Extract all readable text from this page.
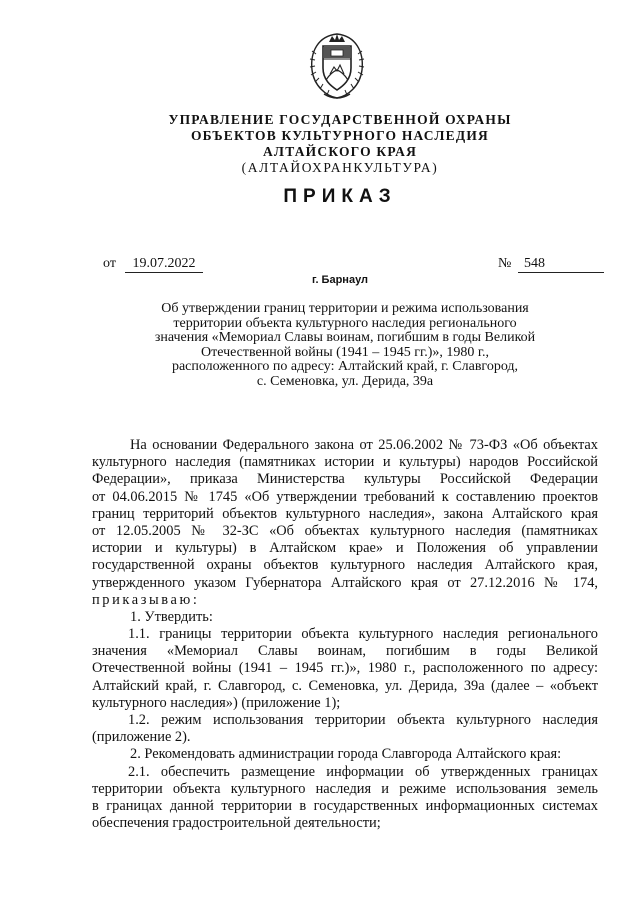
УПРАВЛЕНИЕ ГОСУДАРСТВЕННОЙ ОХРАНЫ
ОБЪЕКТОВ КУЛЬТУРНОГО НАСЛЕДИЯ
АЛТАЙСКОГО КРАЯ
(АЛТАЙОХРАНКУЛЬТУРА)
ПРИКАЗ
от	19.07.2022	№ 548
г. Барнаул
Об утверждении границ территории и режима использования
территории объекта культурного наследия регионального
значения «Мемориал Славы воинам, погибшим в годы Великой
Отечественной войны (1941 – 1945 гг.)», 1980 г.,
расположенного по адресу: Алтайский край, г. Славгород,
с. Семеновка, ул. Дерида, 39а
На основании Федерального закона от 25.06.2002 № 73-ФЗ «Об объектах
культурного наследия (памятниках истории и культуры) народов Российской
Федерации», приказа Министерства культуры Российской Федерации
от 04.06.2015 № 1745 «Об утверждении требований к составлению проектов
границ территорий объектов культурного наследия», закона Алтайского края
от 12.05.2005 № 32-ЗС «Об объектах культурного наследия (памятниках
истории и культуры) в Алтайском крае» и Положения об управлении
государственной охраны объектов культурного наследия Алтайского края,
утвержденного указом Губернатора Алтайского края от 27.12.2016 № 174,
приказываю:
1. Утвердить:
1.1. границы территории объекта культурного наследия регионального
значения «Мемориал Славы воинам, погибшим в годы Великой
Отечественной войны (1941 – 1945 гг.)», 1980 г., расположенного по адресу:
Алтайский край, г. Славгород, с. Семеновка, ул. Дерида, 39а (далее – «объект
культурного наследия») (приложение 1);
1.2. режим использования территории объекта культурного наследия
(приложение 2).
2. Рекомендовать администрации города Славгорода Алтайского края:
2.1. обеспечить размещение информации об утвержденных границах
территории объекта культурного наследия и режиме использования земель
в границах данной территории в государственных информационных системах
обеспечения градостроительной деятельности;
